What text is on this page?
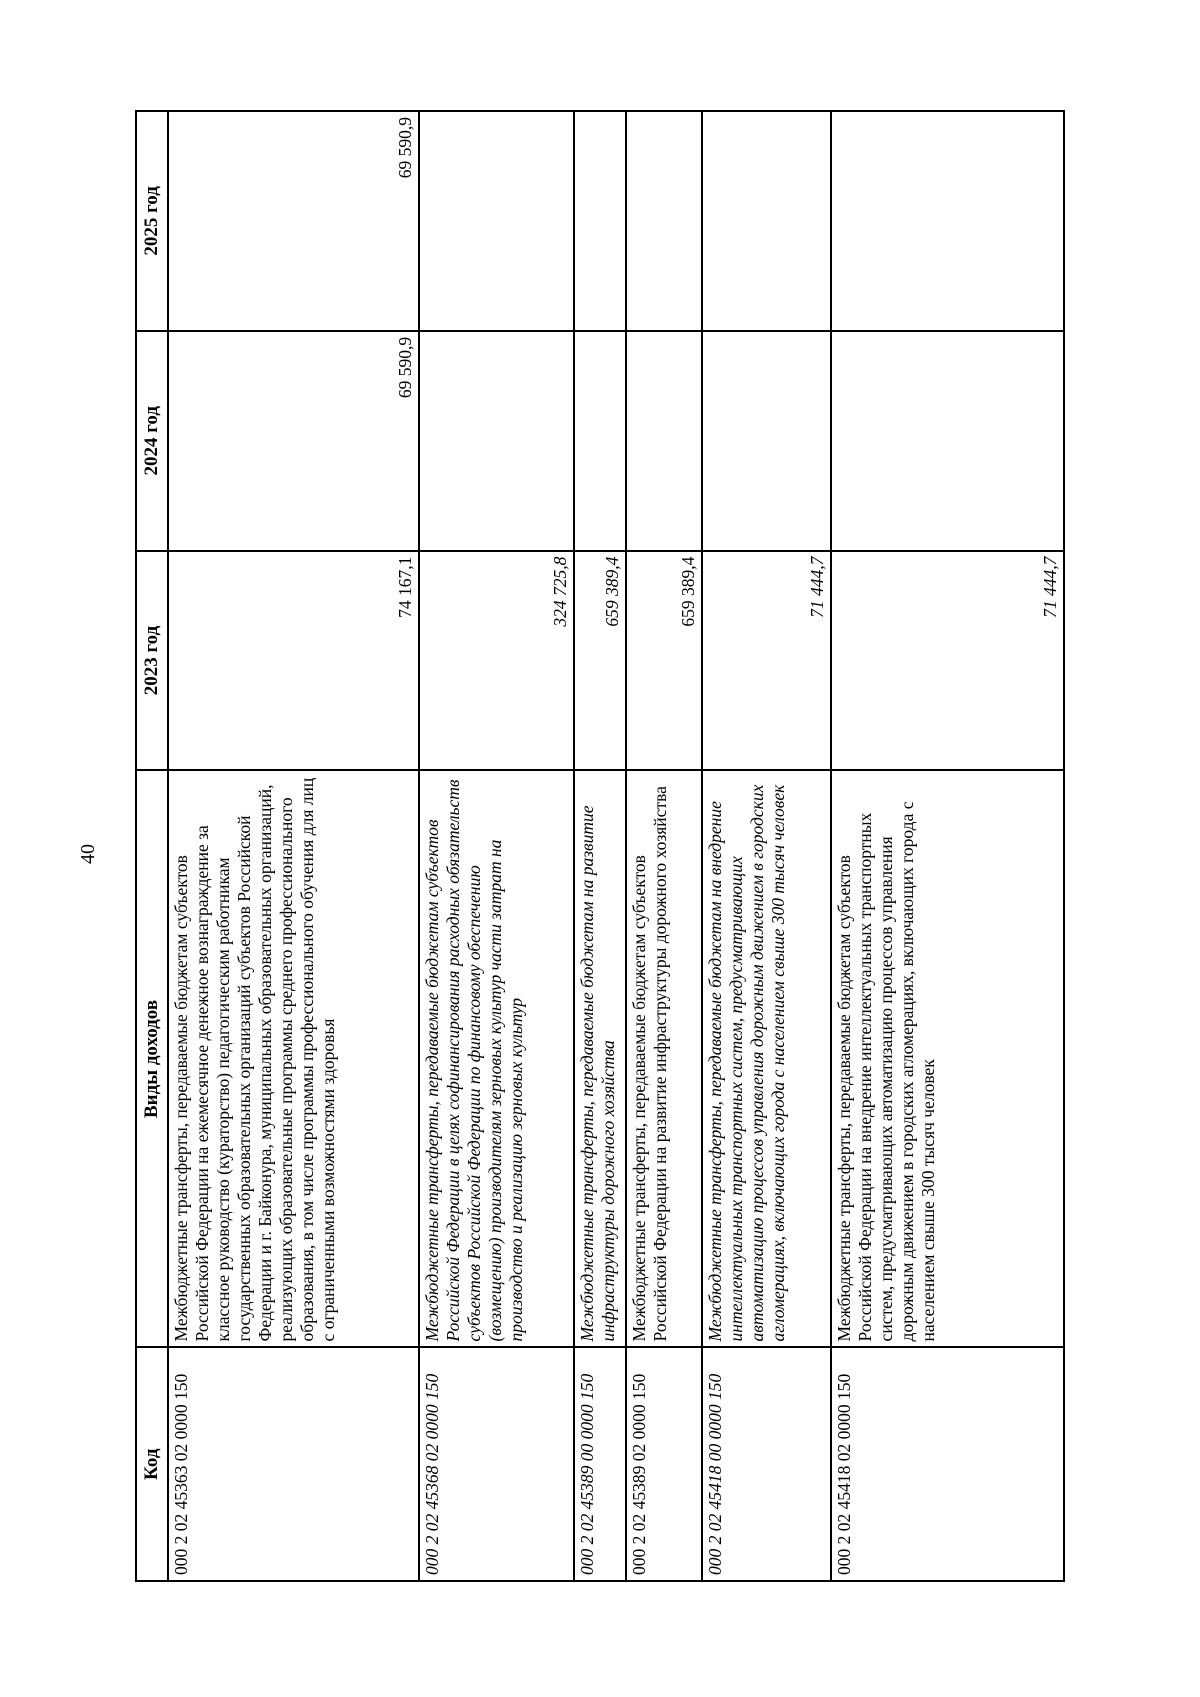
40
Код	Виды доходов	2023 год	2024 год	2025 год
000 2 02 45363 02 0000 150	Межбюджетные трансферты, передаваемые бюджетам субъектов Российской Федерации на ежемесячное денежное вознаграждение за классное руководство (кураторство) педагогическим работникам государственных образовательных организаций субъектов Российской Федерации и г. Байконура, муниципальных образовательных организаций, реализующих образовательные программы среднего профессионального образования, в том числе программы профессионального обучения для лиц с ограниченными возможностями здоровья	74 167,1	69 590,9	69 590,9
000 2 02 45368 02 0000 150	Межбюджетные трансферты, передаваемые бюджетам субъектов Российской Федерации в целях софинансирования расходных обязательств субъектов Российской Федерации по финансовому обеспечению (возмещению) производителям зерновых культур части затрат на производство и реализацию зерновых культур	324 725,8		
000 2 02 45389 00 0000 150	Межбюджетные трансферты, передаваемые бюджетам на развитие инфраструктуры дорожного хозяйства	659 389,4		
000 2 02 45389 02 0000 150	Межбюджетные трансферты, передаваемые бюджетам субъектов Российской Федерации на развитие инфраструктуры дорожного хозяйства	659 389,4		
000 2 02 45418 00 0000 150	Межбюджетные трансферты, передаваемые бюджетам на внедрение интеллектуальных транспортных систем, предусматривающих автоматизацию процессов управления дорожным движением в городских агломерациях, включающих города с населением свыше 300 тысяч человек	71 444,7		
000 2 02 45418 02 0000 150	Межбюджетные трансферты, передаваемые бюджетам субъектов Российской Федерации на внедрение интеллектуальных транспортных систем, предусматривающих автоматизацию процессов управления дорожным движением в городских агломерациях, включающих города с населением свыше 300 тысяч человек	71 444,7		
